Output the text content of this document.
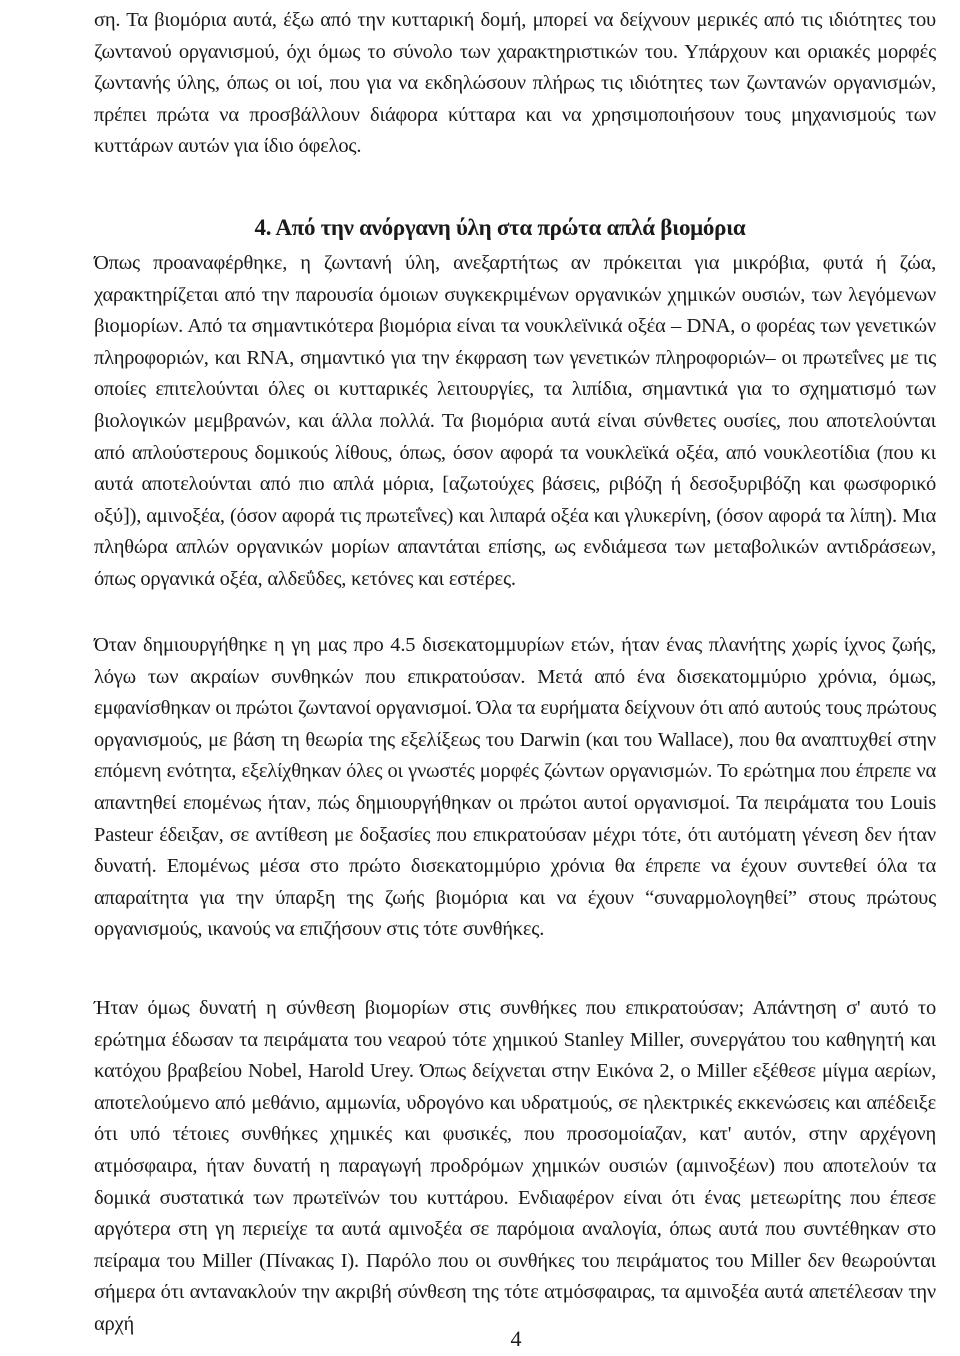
ση. Τα βιομόρια αυτά, έξω από την κυτταρική δομή, μπορεί να δείχνουν μερικές από τις ιδιότητες του ζωντανού οργανισμού, όχι όμως το σύνολο των χαρακτηριστικών του. Υπάρχουν και οριακές μορφές ζωντανής ύλης, όπως οι ιοί, που για να εκδηλώσουν πλήρως τις ιδιότητες των ζωντανών οργανισμών, πρέπει πρώτα να προσβάλλουν διάφορα κύτταρα και να χρησιμοποιήσουν τους μηχανισμούς των κυττάρων αυτών για ίδιο όφελος.

4. Από την ανόργανη ύλη στα πρώτα απλά βιομόρια

Όπως προαναφέρθηκε, η ζωντανή ύλη, ανεξαρτήτως αν πρόκειται για μικρόβια, φυτά ή ζώα, χαρακτηρίζεται από την παρουσία όμοιων συγκεκριμένων οργανικών χημικών ουσιών, των λεγόμενων βιομορίων. Από τα σημαντικότερα βιομόρια είναι τα νουκλεϊνικά οξέα – DNA, ο φορέας των γενετικών πληροφοριών, και RNA, σημαντικό για την έκφραση των γενετικών πληροφοριών– οι πρωτεΐνες με τις οποίες επιτελούνται όλες οι κυτταρικές λειτουργίες, τα λιπίδια, σημαντικά για το σχηματισμό των βιολογικών μεμβρανών, και άλλα πολλά. Τα βιομόρια αυτά είναι σύνθετες ουσίες, που αποτελούνται από απλούστερους δομικούς λίθους, όπως, όσον αφορά τα νουκλεϊκά οξέα, από νουκλεοτίδια (που κι αυτά αποτελούνται από πιο απλά μόρια, [αζωτούχες βάσεις, ριβόζη ή δεσοξυριβόζη και φωσφορικό οξύ]), αμινοξέα, (όσον αφορά τις πρωτεΐνες) και λιπαρά οξέα και γλυκερίνη, (όσον αφορά τα λίπη). Μια πληθώρα απλών οργανικών μορίων απαντάται επίσης, ως ενδιάμεσα των μεταβολικών αντιδράσεων, όπως οργανικά οξέα, αλδεΰδες, κετόνες και εστέρες.

Όταν δημιουργήθηκε η γη μας προ 4.5 δισεκατομμυρίων ετών, ήταν ένας πλανήτης χωρίς ίχνος ζωής, λόγω των ακραίων συνθηκών που επικρατούσαν. Μετά από ένα δισεκατομμύριο χρόνια, όμως, εμφανίσθηκαν οι πρώτοι ζωντανοί οργανισμοί. Όλα τα ευρήματα δείχνουν ότι από αυτούς τους πρώτους οργανισμούς, με βάση τη θεωρία της εξελίξεως του Darwin (και του Wallace), που θα αναπτυχθεί στην επόμενη ενότητα, εξελίχθηκαν όλες οι γνωστές μορφές ζώντων οργανισμών. Το ερώτημα που έπρεπε να απαντηθεί επομένως ήταν, πώς δημιουργήθηκαν οι πρώτοι αυτοί οργανισμοί. Τα πειράματα του Louis Pasteur έδειξαν, σε αντίθεση με δοξασίες που επικρατούσαν μέχρι τότε, ότι αυτόματη γένεση δεν ήταν δυνατή. Επομένως μέσα στο πρώτο δισεκατομμύριο χρόνια θα έπρεπε να έχουν συντεθεί όλα τα απαραίτητα για την ύπαρξη της ζωής βιομόρια και να έχουν “συναρμολογηθεί” στους πρώτους οργανισμούς, ικανούς να επιζήσουν στις τότε συνθήκες.

Ήταν όμως δυνατή η σύνθεση βιομορίων στις συνθήκες που επικρατούσαν; Απάντηση σ' αυτό το ερώτημα έδωσαν τα πειράματα του νεαρού τότε χημικού Stanley Miller, συνεργάτου του καθηγητή και κατόχου βραβείου Nobel, Harold Urey. Όπως δείχνεται στην Εικόνα 2, ο Miller εξέθεσε μίγμα αερίων, αποτελούμενο από μεθάνιο, αμμωνία, υδρογόνο και υδρατμούς, σε ηλεκτρικές εκκενώσεις και απέδειξε ότι υπό τέτοιες συνθήκες χημικές και φυσικές, που προσομοίαζαν, κατ' αυτόν, στην αρχέγονη ατμόσφαιρα, ήταν δυνατή η παραγωγή προδρόμων χημικών ουσιών (αμινοξέων) που αποτελούν τα δομικά συστατικά των πρωτεϊνών του κυττάρου. Ενδιαφέρον είναι ότι ένας μετεωρίτης που έπεσε αργότερα στη γη περιείχε τα αυτά αμινοξέα σε παρόμοια αναλογία, όπως αυτά που συντέθηκαν στο πείραμα του Miller (Πίνακας Ι). Παρόλο που οι συνθήκες του πειράματος του Miller δεν θεωρούνται σήμερα ότι αντανακλούν την ακριβή σύνθεση της τότε ατμόσφαιρας, τα αμινοξέα αυτά απετέλεσαν την αρχή

4
